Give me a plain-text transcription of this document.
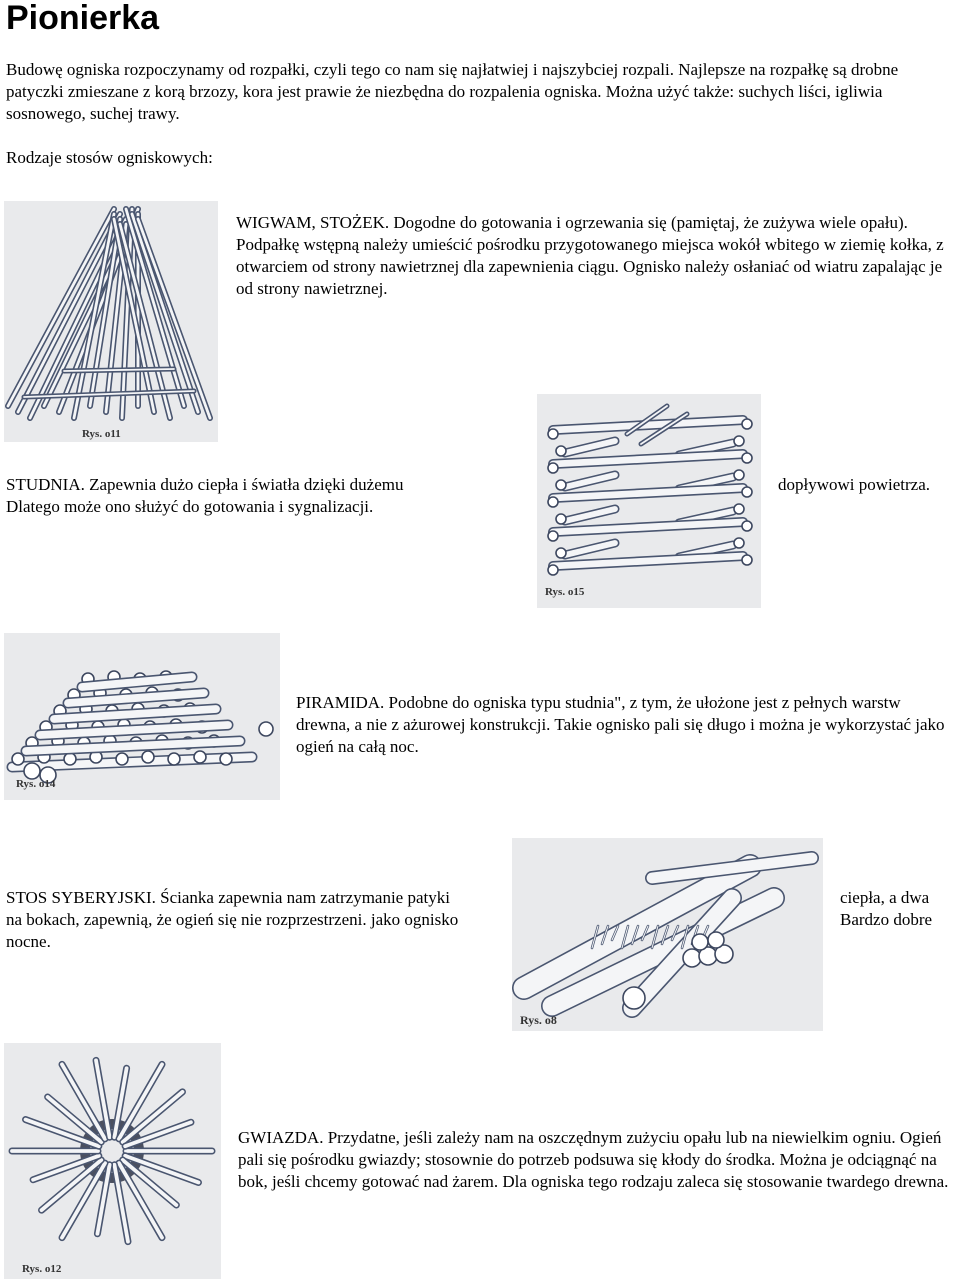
Pionierka

Budowę ogniska rozpoczynamy od rozpałki, czyli tego co nam się najłatwiej i najszybciej rozpali. Najlepsze na rozpałkę są drobne patyczki zmieszane z korą brzozy, kora jest prawie że niezbędna do rozpalenia ogniska. Można użyć także: suchych liści, igliwia sosnowego, suchej trawy.

Rodzaje stosów ogniskowych:

Rys. o11

WIGWAM, STOŻEK. Dogodne do gotowania i ogrzewania się (pamiętaj, że zużywa wiele opału). Podpałkę wstępną należy umieścić pośrodku przygotowanego miejsca wokół wbitego w ziemię kołka, z otwarciem od strony nawietrznej dla zapewnienia ciągu. Ognisko należy osłaniać od wiatru zapalając je od strony nawietrznej.

Rys. o15

STUDNIA. Zapewnia dużo ciepła i światła dzięki dużemu Dlatego może ono służyć do gotowania i sygnalizacji.

dopływowi powietrza.

Rys. o14

PIRAMIDA. Podobne do ogniska typu studnia", z tym, że ułożone jest z pełnych warstw drewna, a nie z ażurowej konstrukcji. Takie ognisko pali się długo i można je wykorzystać jako ogień na całą noc.

Rys. o8

STOS SYBERYJSKI. Ścianka zapewnia nam zatrzymanie patyki na bokach, zapewnią, że ogień się nie rozprzestrzeni. jako ognisko nocne.

ciepła, a dwa Bardzo dobre

Rys. o12

GWIAZDA. Przydatne, jeśli zależy nam na oszczędnym zużyciu opału lub na niewielkim ogniu. Ogień pali się pośrodku gwiazdy; stosownie do potrzeb podsuwa się kłody do środka. Można je odciągnąć na bok, jeśli chcemy gotować nad żarem. Dla ogniska tego rodzaju zaleca się stosowanie twardego drewna.
